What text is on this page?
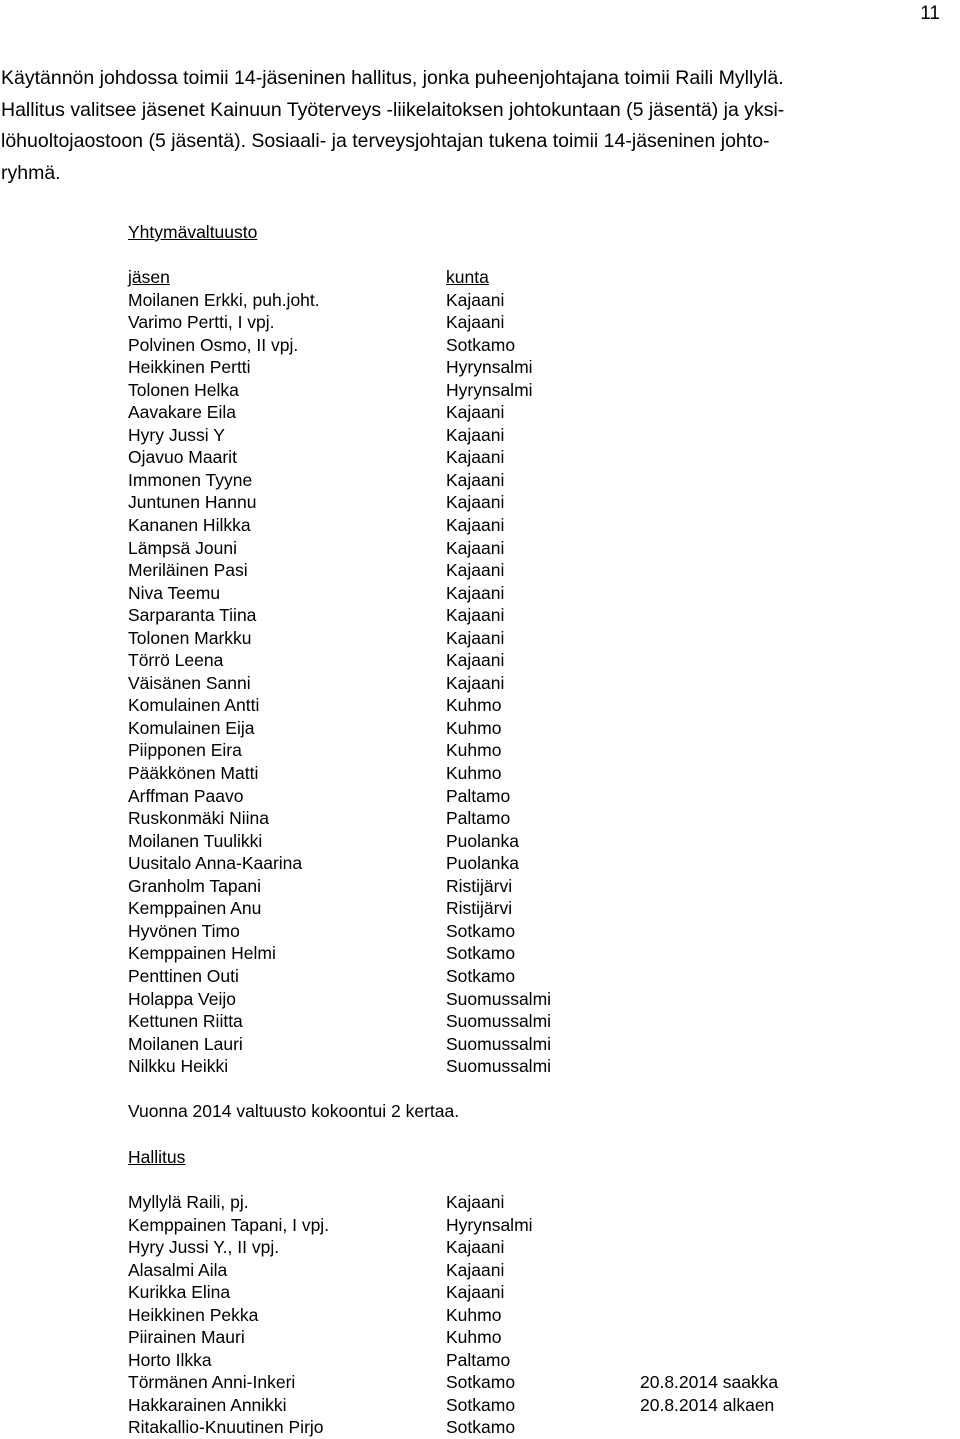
11
Käytännön johdossa toimii 14-jäseninen hallitus, jonka puheenjohtajana toimii Raili Myllylä.
Hallitus valitsee jäsenet Kainuun Työterveys -liikelaitoksen johtokuntaan (5 jäsentä) ja yksi-
löhuoltojaostoon (5 jäsentä). Sosiaali- ja terveysjohtajan tukena toimii 14-jäseninen johto-
ryhmä.
Yhtymävaltuusto
jäsen	kunta
Moilanen Erkki, puh.joht.	Kajaani
Varimo Pertti, I vpj.	Kajaani
Polvinen Osmo, II vpj.	Sotkamo
Heikkinen Pertti	Hyrynsalmi
Tolonen Helka	Hyrynsalmi
Aavakare Eila	Kajaani
Hyry Jussi Y	Kajaani
Ojavuo Maarit	Kajaani
Immonen Tyyne	Kajaani
Juntunen Hannu	Kajaani
Kananen Hilkka	Kajaani
Lämpsä Jouni	Kajaani
Meriläinen Pasi	Kajaani
Niva Teemu	Kajaani
Sarparanta Tiina	Kajaani
Tolonen Markku	Kajaani
Törrö Leena	Kajaani
Väisänen Sanni	Kajaani
Komulainen Antti	Kuhmo
Komulainen Eija	Kuhmo
Piipponen Eira	Kuhmo
Pääkkönen Matti	Kuhmo
Arffman Paavo	Paltamo
Ruskonmäki Niina	Paltamo
Moilanen Tuulikki	Puolanka
Uusitalo Anna-Kaarina	Puolanka
Granholm Tapani	Ristijärvi
Kemppainen Anu	Ristijärvi
Hyvönen Timo	Sotkamo
Kemppainen Helmi	Sotkamo
Penttinen Outi	Sotkamo
Holappa Veijo	Suomussalmi
Kettunen Riitta	Suomussalmi
Moilanen Lauri	Suomussalmi
Nilkku Heikki	Suomussalmi
Vuonna 2014 valtuusto kokoontui 2 kertaa.
Hallitus
Myllylä Raili, pj.	Kajaani
Kemppainen Tapani, I vpj.	Hyrynsalmi
Hyry Jussi Y., II vpj.	Kajaani
Alasalmi Aila	Kajaani
Kurikka Elina	Kajaani
Heikkinen Pekka	Kuhmo
Piirainen Mauri	Kuhmo
Horto Ilkka	Paltamo
Törmänen Anni-Inkeri	Sotkamo	20.8.2014 saakka
Hakkarainen Annikki	Sotkamo	20.8.2014 alkaen
Ritakallio-Knuutinen Pirjo	Sotkamo
